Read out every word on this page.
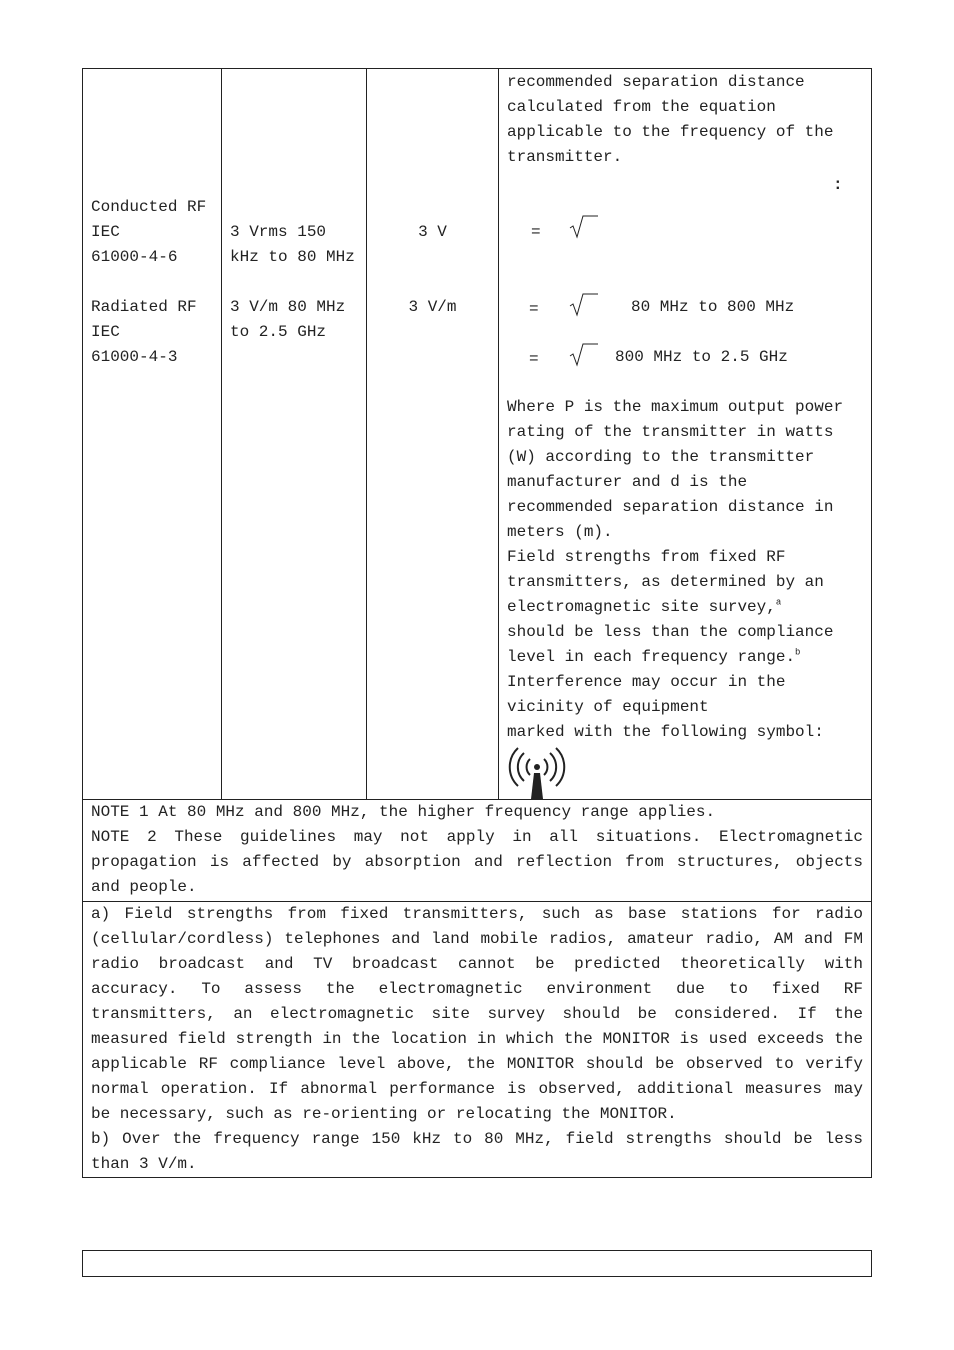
Conducted RF
IEC
61000-4-6
Radiated RF
IEC
61000-4-3
3 Vrms 150
kHz to 80 MHz
3 V/m 80 MHz
to 2.5 GHz
3 V
3 V/m
recommended separation distance
calculated from the equation
applicable to the frequency of the
transmitter.
:
=
=	80 MHz to 800 MHz
=	800 MHz to 2.5 GHz
Where P is the maximum output power
rating of the transmitter in watts
(W) according to the transmitter
manufacturer and d is the
recommended separation distance in
meters (m).
Field strengths from fixed RF
transmitters, as determined by an
electromagnetic site survey,$^a$
should be less than the compliance
level in each frequency range.$^b$
Interference may occur in the
vicinity of equipment
marked with the following symbol:
NOTE 1 At 80 MHz and 800 MHz, the higher frequency range applies.
NOTE 2 These guidelines may not apply in all situations. Electromagnetic propagation is affected by absorption and reflection from structures, objects and people.
a) Field strengths from fixed transmitters, such as base stations for radio (cellular/cordless) telephones and land mobile radios, amateur radio, AM and FM radio broadcast and TV broadcast cannot be predicted theoretically with accuracy. To assess the electromagnetic environment due to fixed RF transmitters, an electromagnetic site survey should be considered. If the measured field strength in the location in which the MONITOR is used exceeds the applicable RF compliance level above, the MONITOR should be observed to verify normal operation. If abnormal performance is observed, additional measures may be necessary, such as re-orienting or relocating the MONITOR.
b) Over the frequency range 150 kHz to 80 MHz, field strengths should be less than 3 V/m.
